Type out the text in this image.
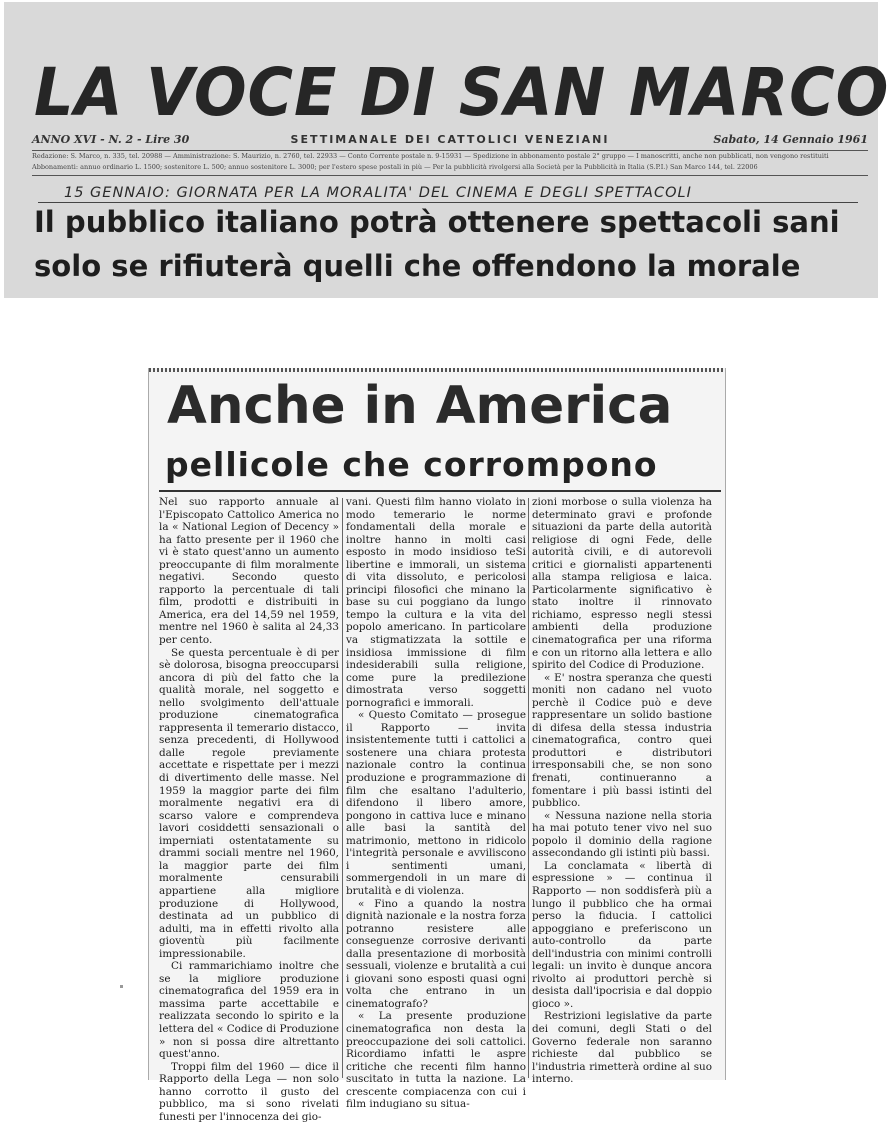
LA VOCE DI SAN MARCO
ANNO XVI - N. 2 - Lire 30	SETTIMANALE DEI CATTOLICI VENEZIANI	Sabato, 14 Gennaio 1961
Redazione: S. Marco, n. 335, tel. 20988 — Amministrazione: S. Maurizio, n. 2760, tel. 22933 — Conto Corrente postale n. 9-15931 — Spedizione in abbonamento postale 2° gruppo — I manoscritti, anche non pubblicati, non vengono restituiti
Abbonamenti: annuo ordinario L. 1500; sostenitore L. 500; annuo sostenitore L. 3000; per l'estero spese postali in più — Per la pubblicità rivolgersi alla Società per la Pubblicità in Italia (S.P.I.) San Marco 144, tel. 22006
15 GENNAIO: GIORNATA PER LA MORALITA' DEL CINEMA E DEGLI SPETTACOLI
Il pubblico italiano potrà ottenere spettacoli sani
solo se rifiuterà quelli che offendono la morale
Anche in America
pellicole che corrompono

Nel suo rapporto annuale al l'Episcopato Cattolico America no la « National Legion of Decency » ha fatto presente per il 1960 che vi è stato quest'anno un aumento preoccupante di film moralmente negativi. Secondo questo rapporto la percentuale di tali film, prodotti e distribuiti in America, era del 14,59 nel 1959, mentre nel 1960 è salita al 24,33 per cento.

Se questa percentuale è di per sè dolorosa, bisogna preoccuparsi ancora di più del fatto che la qualità morale, nel soggetto e nello svolgimento dell'attuale produzione cinematografica rappresenta il temerario distacco, senza precedenti, di Hollywood dalle regole previamente accettate e rispettate per i mezzi di divertimento delle masse. Nel 1959 la maggior parte dei film moralmente negativi era di scarso valore e comprendeva lavori cosiddetti sensazionali o imperniati ostentatamente su drammi sociali mentre nel 1960, la maggior parte dei film moralmente censurabili appartiene alla migliore produzione di Hollywood, destinata ad un pubblico di adulti, ma in effetti rivolto alla gioventù più facilmente impressionabile.

Ci rammarichiamo inoltre che se la migliore produzione cinematografica del 1959 era in massima parte accettabile e realizzata secondo lo spirito e la lettera del « Codice di Produzione » non si possa dire altrettanto quest'anno.

Troppi film del 1960 — dice il Rapporto della Lega — non solo hanno corrotto il gusto del pubblico, ma si sono rivelati funesti per l'innocenza dei gio-

vani. Questi film hanno violato in modo temerario le norme fondamentali della morale e inoltre hanno in molti casi esposto in modo insidioso teSi libertine e immorali, un sistema di vita dissoluto, e pericolosi principi filosofici che minano la base su cui poggiano da lungo tempo la cultura e la vita del popolo americano. In particolare va stigmatizzata la sottile e insidiosa immissione di film indesiderabili sulla religione, come pure la predilezione dimostrata verso soggetti pornografici e immorali.

« Questo Comitato — prosegue il Rapporto — invita insistentemente tutti i cattolici a sostenere una chiara protesta nazionale contro la continua produzione e programmazione di film che esaltano l'adulterio, difendono il libero amore, pongono in cattiva luce e minano alle basi la santità del matrimonio, mettono in ridicolo l'integrità personale e avviliscono i sentimenti umani, sommergendoli in un mare di brutalità e di violenza.

« Fino a quando la nostra dignità nazionale e la nostra forza potranno resistere alle conseguenze corrosive derivanti dalla presentazione di morbosità sessuali, violenze e brutalità a cui i giovani sono esposti quasi ogni volta che entrano in un cinematografo?

« La presente produzione cinematografica non desta la preoccupazione dei soli cattolici. Ricordiamo infatti le aspre critiche che recenti film hanno suscitato in tutta la nazione. La crescente compiacenza con cui i film indugiano su situa-

zioni morbose o sulla violenza ha determinato gravi e profonde situazioni da parte della autorità religiose di ogni Fede, delle autorità civili, e di autorevoli critici e giornalisti appartenenti alla stampa religiosa e laica. Particolarmente significativo è stato inoltre il rinnovato richiamo, espresso negli stessi ambienti della produzione cinematografica per una riforma e con un ritorno alla lettera e allo spirito del Codice di Produzione.

« E' nostra speranza che questi moniti non cadano nel vuoto perchè il Codice può e deve rappresentare un solido bastione di difesa della stessa industria cinematografica, contro quei produttori e distributori irresponsabili che, se non sono frenati, continueranno a fomentare i più bassi istinti del pubblico.

« Nessuna nazione nella storia ha mai potuto tener vivo nel suo popolo il dominio della ragione assecondando gli istinti più bassi.

La conclamata « libertà di espressione » — continua il Rapporto — non soddisferà più a lungo il pubblico che ha ormai perso la fiducia. I cattolici appoggiano e preferiscono un auto-controllo da parte dell'industria con minimi controlli legali: un invito è dunque ancora rivolto ai produttori perchè si desista dall'ipocrisia e dal doppio gioco ».

Restrizioni legislative da parte dei comuni, degli Stati o del Governo federale non saranno richieste dal pubblico se l'industria rimetterà ordine al suo interno.
